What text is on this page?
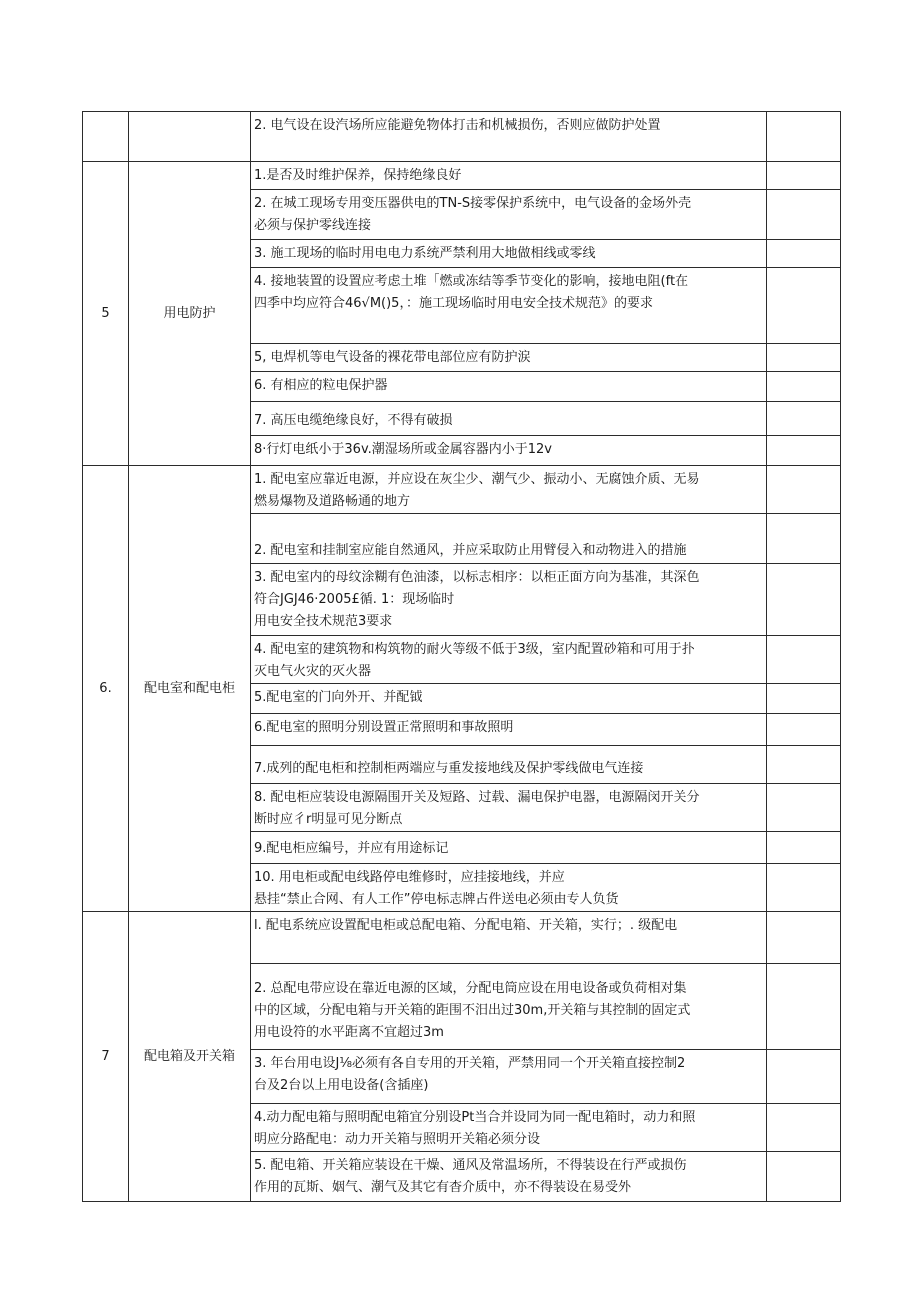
		2. 电气设在设汽场所应能避免物体打击和机械损伤，否则应做防护处置	

5	用电防护	1.是否及时维护保养，保持绝缘良好	

		2. 在城工现场专用变压器供电的TN-S接零保护系统中，电气设备的金场外壳
必须与保护零线连接	

		3. 施工现场的临时用电电力系统严禁利用大地做相线或零线	

		4. 接地装置的设置应考虑土堆「燃或冻结等季节变化的影响，接地电阻(ft在
四季中均应符合46√M()5，：施工现场临时用电安全技术规范》的要求	

		5, 电焊机等电气设备的裸花带电部位应有防护涙	

		6. 有相应的粒电保护器	

		7. 高压电缆绝缘良好，不得有破损	

		8·行灯电纸小于36v.潮湿场所或金属容器内小于12v	

6.	配电室和配电柜	1. 配电室应靠近电源，并应设在灰尘少、潮气少、振动小、无腐蚀介质、无易
燃易爆物及道路畅通的地方	

		2. 配电室和挂制室应能自然通风，并应采取防止用臂侵入和动物进入的措施	

		3. 配电室内的母纹涂糊有色油漆，以标志相序：以柜正面方向为基准，其深色
符合JGJ46·2005£循. 1：现场临时
用电安全技术规范3要求	

		4. 配电室的建筑物和构筑物的耐火等级不低于3级，室内配置砂箱和可用于扑
灭电气火灾的灭火器	

		5.配电室的门向外开、并配钺	

		6.配电室的照明分别设置正常照明和事故照明	

		7.成列的配电柜和控制柜两端应与重发接地线及保护零线做电气连接	

		8. 配电柜应装设电源隔围开关及短路、过载、漏电保护电器，电源隔闵开关分
断时应彳r明显可见分断点	

		9.配电柜应编号，并应有用途标记	

		10. 用电柜或配电线路停电维修时，应挂接地线，并应
悬挂“禁止合网、有人工作”停电标志牌占件送电必须由专人负货	

7	配电箱及开关箱	l. 配电系统应设置配电柜或总配电箱、分配电箱、开关箱，实行；. 级配电	

		2. 总配电带应设在靠近电源的区域，分配电筒应设在用电设备或负荷相对集
中的区域，分配电箱与开关箱的距围不汨出过30m,开关箱与其控制的固定式
用电设符的水平距离不宜超过3m	

		3. 年台用电设J⅛必须有各自专用的开关箱，严禁用同一个开关箱直接控制2
台及2台以上用电设备(含插座)	

		4.动力配电箱与照明配电箱宜分别设Pt当合并设同为同一配电箱时，动力和照
明应分路配电：动力开关箱与照明开关箱必须分设	

		5. 配电箱、开关箱应装设在干燥、通风及常温场所，不得装设在行严或损伤
作用的瓦斯、姻气、潮气及其它有杳介质中，亦不得装设在易受外	
